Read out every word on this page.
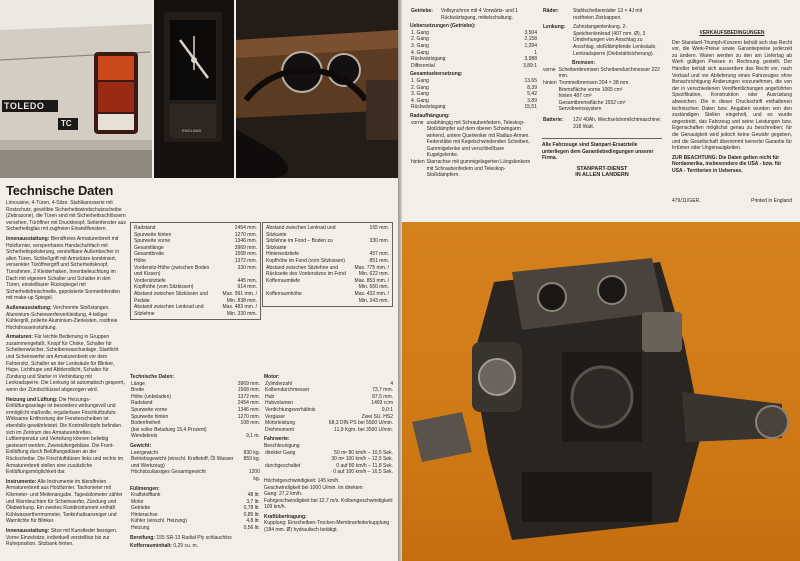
TOLEDO
TC
ENGLAND
Technische Daten

Limousine, 4-Türen, 4-Sitze. Stahlkarosserie mit Rostschutz, gewölbte Sicherheitswindschutzscheibe (Zebrazone), die Türen sind mit Sicherheitsschlössern versehen, Türöffner mit Druckknopf, Seitenfenster aus Sicherheitsglas mit zugfreien Einstellfenstern.

Innenausstattung: Blendfreies Armaturenbrett mit Holzfurnier, versperrbares Handschuhfach mit Sicherheitspolsterung, verstellbare Außenbecher in allen Türen, Schließgriff mit Armstütze kombiniert, versenkter Türöffnergriff und Sicherheitsknopf, Türrahmen, 2 Kleiderhaken, Innenbeleuchtung im Dach mit eigenem Schalter und Schalter in den Türen, einstellbarer Rückspiegel mit Sicherheitsfreischnelle, gepolsterte Sonnenblenden mit make-up Spiegel.

Außenausstattung: Verchromte Stoßstangen, Aluminium-Scheinwerferverkleidung, 4-teiliger Kühlergrill, polierte Aluminium-Zierleisten, rostfreie Hochdrosseinstuhlung.

Armaturen: Für leichte Bedienung in Gruppen zusammengefaßt, Knopf für Choke, Schalter für Scheibenwischer, Scheibenwaschanlage, Startlicht und Scheinwerfer am Armaturenbrett vor dem Fahrersitz, Schalter an der Lenksäule für Blinker, Hupe, Lichthupe und Abblendlicht, Schalter für Zündung und Starter in Verbindung mit Lenkradsperre. Die Lenkung ist automatisch gesperrt, wenn der Zündschlüssel abgezogen wird.

Heizung und Lüftung: Die Heizungs-Entlüftungsanlage ist besonders wirkungsvoll und ermöglicht maßvolle, regulierbare Frischluftzufuhr. Wirksame Entfrostung der Fensterscheiben ist ebenfalls gewährleistet. Die Kontrollknöpfe befinden sich im Zentrum des Armaturenbrettes. Lufttemperatur und Verteilung können beliebig gesteuert werden, Zweistufengebläse. Die Front- Entlüftung durch Belüftungsdüsen an der Rückscheibe. Die Frischluftdüsen links und rechts im Armaturenbrett stellen eine zusätzliche Entlüftungsmöglichkeit dar.

Instrumente: Alle Instrumente im blendfreien Armaturenbrett aus Holzfurnier. Tachometer mit Kilometer- und Meilenangabe. Tageskilometer zähler und Warnleuchten für Scheinwerfer, Zündung und Ölabwirkung. Ein zweites Rundinstrument enthält Kühlwasserthermometer, Tankinhaltsanzeiger und Warnlichte für Blinker.

Innenausstattung: Sitze mit Kunstleder bezogen. Vorne Einzelsitze, individuell verstellbar bis zur Ruheposition. Sitzbank hinten.

Radstand	2454 mm.
Spurweite hinten	1270 mm.
Spurweite vorne	1346 mm.
Gesamtlänge	3969 mm.
Gesamtbreite	1568 mm.
Höhe	1372 mm.
Vordersitz-Höhe (zwischen Boden und Kissen)	330 mm.
Vordersitztiefe	445 mm.
Kopfhöhe (vom Sitzkissen)	914 mm.
Abstand zwischen Sitzkissen und Pedale	Max. 991 mm. / Min. 838 mm.
Abstand zwischen Lenkrad und Sitzlehne	Max. 483 mm. / Min. 330 mm.
Abstand zwischen Lenkrad und Sitzkante	165 mm.
Sitzlehne im Fond – Boden zu Sitzkante	330 mm.
Hinteresitztiefe	457 mm.
Kopfhöhe im Fond (vom Sitzkissen)	851 mm.
Abstand zwischen Sitzlehne und Rückseite des Vordersitzes im Fond	Max. 775 mm. / Min. 622 mm.
Kofferraumtiefe	Max. 853 mm. / Min. 660 mm.
Kofferraumhöhe	Max. 432 mm. / Min. 343 mm.
Technische Daten:
Länge	3969 mm.
Breite	1568 mm.
Höhe (unbeladen)	1372 mm.
Radstand	2454 mm.
Spurweite vorne	1346 mm.
Spurweite hinten	1270 mm.
Bodenfreiheit	108 mm.
(bei voller Beladung 15,4 Prozent)	
Wendekreis	9,1 m.
Gewicht:
Leergewicht	830 kg.
Betriebsgewicht (einschl. Kraftstoff, Öl Wasser und Werkzeug)	859 kg.
Höchstzulässiges Gesamtgewicht	1200 kg.
Füllmengen:
Kraftstofftank	48 ltr.
Motor	3,7 ltr.
Getriebe	0,78 ltr.
Hinterachse	0,85 ltr.
Kühler (einschl. Heizung)	4,8 ltr.
Heizung	0,56 ltr.
Bereifung: 155 SR-13 Radial Ply schlauchlos
Kofferrauminhalt: 0,29 cu. m.
Motor:
Zylinderzahl	4
Kolbendurchmesser	73,7 mm.
Hub	87,5 mm.
Hubvolumen	1493 ccm
Verdichtungsverhältnis	9,0:1
Vergaser	Zwei SU. HS2
Motorleistung	68,3 DIN PS bei 5500 U/min.
Drehmoment	11,9 Kgm. bei 3500 U/min.
Fahrwerte:
Beschleunigung
direkter Gang	50 mᵉ 80 km/h – 10,5 Sek.
	30 mᵉ 100 km/h – 12,5 Sek.
durchgeschaltet	0 auf 80 km/h – 11,8 Sek.
	0 auf 100 km/h – 16,5 Sek.
Höchstgeschwindigkeit: 145 km/h.
Geschwindigkeit bei 1000 U/min. im direkten
Gang: 27,2 km/h.
Fahrgeschwindigkeit bei 12,7 m/s. Kolbengeschwindigkeit: 109 km/h.
Kraftübertragung:
Kupplung: Einscheiben-Trocken-Membranfederkupplung (184 mm. Ø) hydraulisch betätigt.
Getriebe:	Vollsynchron mit 4 Vorwärts- und 1 Rückwärtsgang, mittelschaltung.
Uebersetzungen (Getriebe):
1. Gang	3,504
2. Gang	2,158
3. Gang	1,394
4. Gang	1
Rückwärtsgang	3,988
Differential	3,89:1
Gesamtuebersetzung:
1. Gang	13,65
2. Gang	8,39
3. Gang	5,42
4. Gang	3,89
Rückwärtsgang	15,51
Radaufhängung:
vorne	unabhängig mit Schraubenfedern, Teleskop-Stoßdämpfer auf dem oberen Schwingarm wirkend, untere Querlenker mit Radius-Armen.
	Federstäbe mit Kegelschwindenden Scheiben, Gummigelenke und verschließbare Kugelgelenke.
hinten	Starrachse mit gummigelagerten Längslenkern mit Schraubenfedern und Teleskop-Stoßdämpfern.
Räder:	Stahlscheibenräder 13 × 4J mit rostfreien Zierkappen.
Lenkung:	Zahnstangenlenkung, 2-Speichenlenkrad (407 mm. Ø), 3 Umdrehungen von Anschlag zu Anschlag, stoßdämpfende Lenksäule, Lenkradsperre (Diebstahlsicherung).
Bremsen:
vorne	Scheibenbremsen Scheibendurchmesser 222 mm.
hinten	Trommelbremsen 204 × 38 mm.
	Bremsfläche vorne 1065 cm²
	hinten 487 cm²
	Gesamtbremsfläche 1552 cm²
	Servobremssystem
Batterie:	12V 40Ah, Wechselstromlichtmaschine: 318 Watt.
Alle Fahrzeuge sind Stanpart-Ersatzteile unterliegen dem Garantiebedingungen unserer Firma.
STANPART-DIENST
IN ALLEN LANDERN
VERKAUFSBEDINGUNGEN
Der Standard-Triumph-Konzern behält sich das Recht vor, die Werk-Preise sowie Garantiepreise jederzeit zu ändern. Waren werden zu den am Liefertag ab Werk gültigen Preisen in Rechnung gestellt. Der Händler behält sich ausserdem das Recht vor, nach Verkauf und vor Ablieferung eines Fahrzeuges ohne Benachrichtigung Änderungen vorzunehmen, die von der in verschiedenen Veröffentlichungen angeführten Spezifikation, Konstruktion oder Ausrüstung abweichen. Die in dieser Druckschrift enthaltenen technischen Daten bzw. Angaben wurden von den zuständigen Stellen eingeholt, und es wurde angestrebt, das Fahrzeug und seine Leistungen bzw. Eigenschaften möglichst genau zu beschreiben; für die Genauigkeit wird jedoch keine Gewähr gegeben, und die Gesellschaft übernimmt keinerlei Garantie für Irrtümer oder Ungenauigkeiten.
ZUR BEACHTUNG: Die Daten gelten nicht für Nordamerika, insbesondere die USA - bzw. für USA - Territorien in Uebersee.
479/11/GER.	Printed in England
